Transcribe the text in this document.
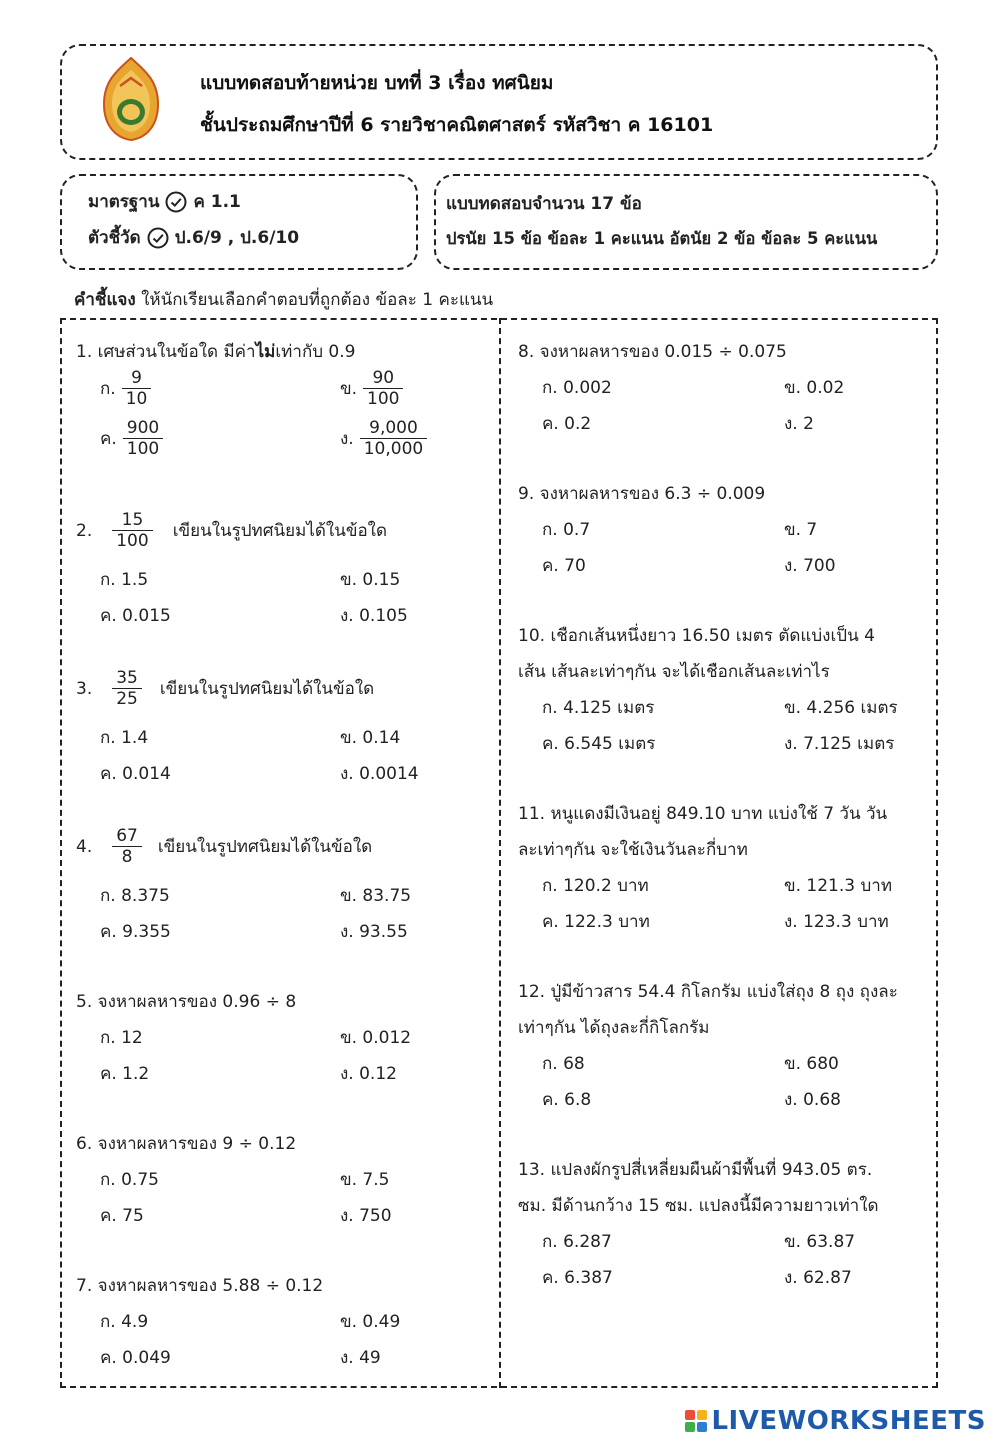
แบบทดสอบท้ายหน่วย บทที่ 3 เรื่อง ทศนิยม
ชั้นประถมศึกษาปีที่ 6 รายวิชาคณิตศาสตร์ รหัสวิชา ค 16101
มาตรฐาน ค 1.1
ตัวชี้วัด ป.6/9 , ป.6/10
แบบทดสอบจำนวน 17 ข้อ
ปรนัย 15 ข้อ ข้อละ 1 คะแนน อัตนัย 2 ข้อ ข้อละ 5 คะแนน
คำชี้แจง ให้นักเรียนเลือกคำตอบที่ถูกต้อง ข้อละ 1 คะแนน
1. เศษส่วนในข้อใด มีค่าไม่เท่ากับ 0.9
ก. $\frac{9}{10}$	ข. $\frac{90}{100}$
ค. $\frac{900}{100}$	ง. $\frac{9,000}{10,000}$
2. $\frac{15}{100}$ เขียนในรูปทศนิยมได้ในข้อใด
ก. 1.5	ข. 0.15
ค. 0.015	ง. 0.105
3. $\frac{35}{25}$ เขียนในรูปทศนิยมได้ในข้อใด
ก. 1.4	ข. 0.14
ค. 0.014	ง. 0.0014
4. $\frac{67}{8}$ เขียนในรูปทศนิยมได้ในข้อใด
ก. 8.375	ข. 83.75
ค. 9.355	ง. 93.55
5. จงหาผลหารของ 0.96 ÷ 8
ก. 12	ข. 0.012
ค. 1.2	ง. 0.12
6. จงหาผลหารของ 9 ÷ 0.12
ก. 0.75	ข. 7.5
ค. 75	ง. 750
7. จงหาผลหารของ 5.88 ÷ 0.12
ก. 4.9	ข. 0.49
ค. 0.049	ง. 49
8. จงหาผลหารของ 0.015 ÷ 0.075
ก. 0.002	ข. 0.02
ค. 0.2	ง. 2
9. จงหาผลหารของ 6.3 ÷ 0.009
ก. 0.7	ข. 7
ค. 70	ง. 700
10. เชือกเส้นหนึ่งยาว 16.50 เมตร ตัดแบ่งเป็น 4
เส้น เส้นละเท่าๆกัน จะได้เชือกเส้นละเท่าไร
ก. 4.125 เมตร	ข. 4.256 เมตร
ค. 6.545 เมตร	ง. 7.125 เมตร
11. หนูแดงมีเงินอยู่ 849.10 บาท แบ่งใช้ 7 วัน วัน
ละเท่าๆกัน จะใช้เงินวันละกี่บาท
ก. 120.2 บาท	ข. 121.3 บาท
ค. 122.3 บาท	ง. 123.3 บาท
12. ปู่มีข้าวสาร 54.4 กิโลกรัม แบ่งใส่ถุง 8 ถุง ถุงละ
เท่าๆกัน ได้ถุงละกี่กิโลกรัม
ก. 68	ข. 680
ค. 6.8	ง. 0.68
13. แปลงผักรูปสี่เหลี่ยมผืนผ้ามีพื้นที่ 943.05 ตร.
ซม. มีด้านกว้าง 15 ซม. แปลงนี้มีความยาวเท่าใด
ก. 6.287	ข. 63.87
ค. 6.387	ง. 62.87
LIVEWORKSHEETS
